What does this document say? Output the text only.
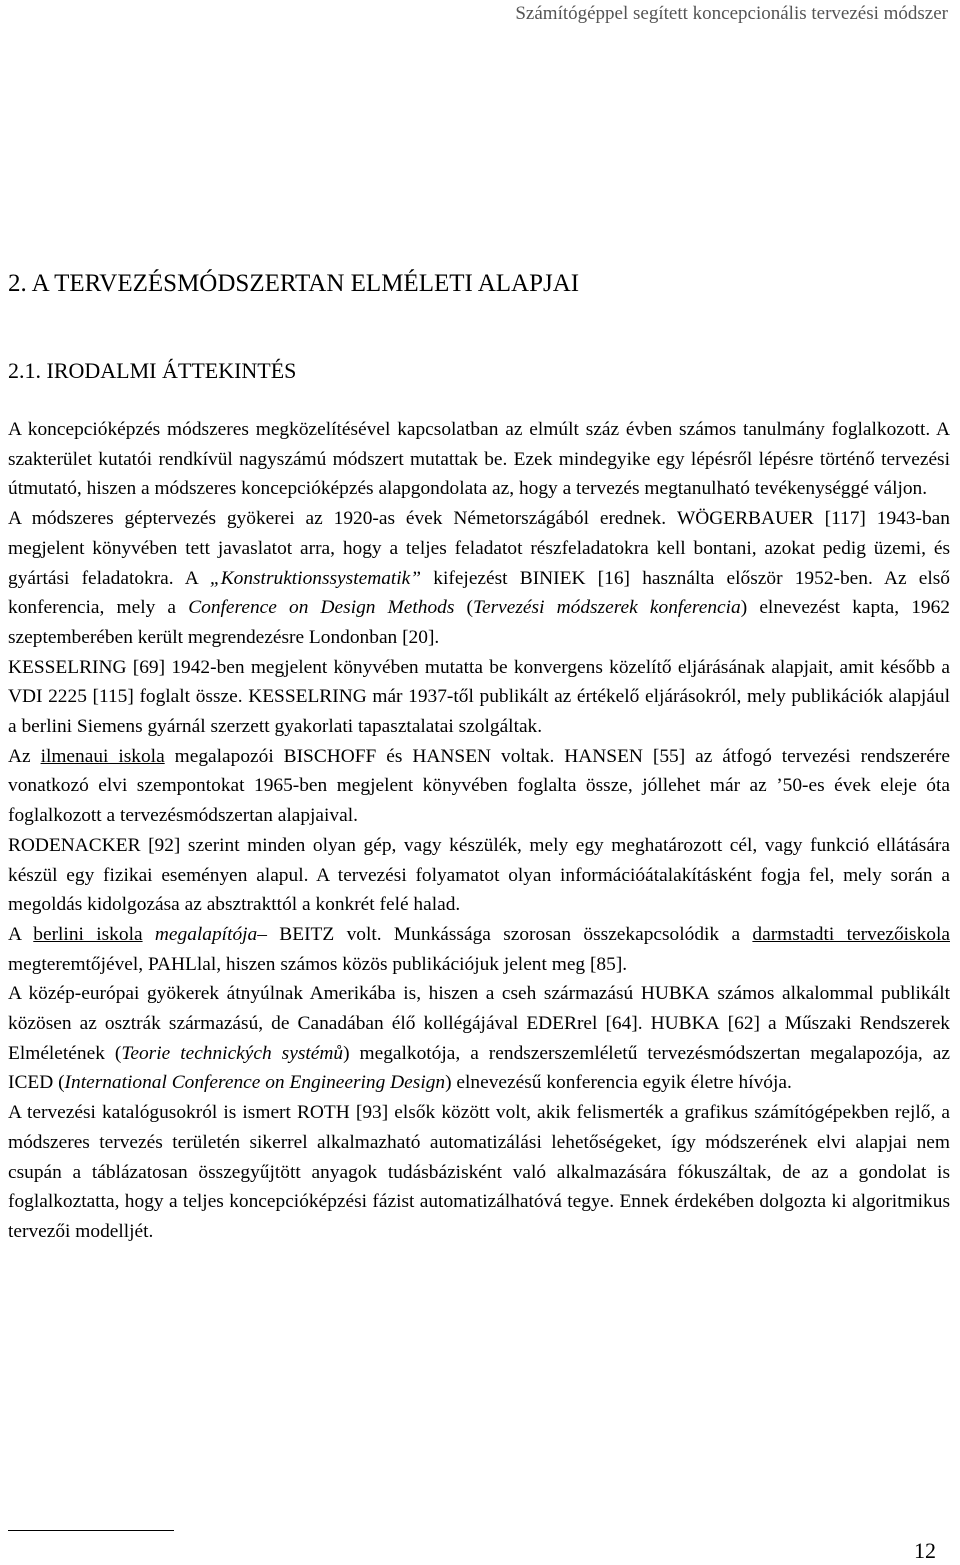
Számítógéppel segített koncepcionális tervezési módszer
2. A TERVEZÉSMÓDSZERTAN ELMÉLETI ALAPJAI
2.1. IRODALMI ÁTTEKINTÉS

A koncepcióképzés módszeres megközelítésével kapcsolatban az elmúlt száz évben számos tanulmány foglalkozott. A szakterület kutatói rendkívül nagyszámú módszert mutattak be. Ezek mindegyike egy lépésről lépésre történő tervezési útmutató, hiszen a módszeres koncepcióképzés alapgondolata az, hogy a tervezés megtanulható tevékenységgé váljon.

A módszeres géptervezés gyökerei az 1920-as évek Németországából erednek. WÖGERBAUER [117] 1943-ban megjelent könyvében tett javaslatot arra, hogy a teljes feladatot részfeladatokra kell bontani, azokat pedig üzemi, és gyártási feladatokra. A „Konstruktionssystematik” kifejezést BINIEK [16] használta először 1952-ben. Az első konferencia, mely a Conference on Design Methods (Tervezési módszerek konferencia) elnevezést kapta, 1962 szeptemberében került megrendezésre Londonban [20].

KESSELRING [69] 1942-ben megjelent könyvében mutatta be konvergens közelítő eljárásának alapjait, amit később a VDI 2225 [115] foglalt össze. KESSELRING már 1937-től publikált az értékelő eljárásokról, mely publikációk alapjául a berlini Siemens gyárnál szerzett gyakorlati tapasztalatai szolgáltak.

Az ilmenaui iskola megalapozói BISCHOFF és HANSEN voltak. HANSEN [55] az átfogó tervezési rendszerére vonatkozó elvi szempontokat 1965-ben megjelent könyvében foglalta össze, jóllehet már az ’50-es évek eleje óta foglalkozott a tervezésmódszertan alapjaival.

RODENACKER [92] szerint minden olyan gép, vagy készülék, mely egy meghatározott cél, vagy funkció ellátására készül egy fizikai eseményen alapul. A tervezési folyamatot olyan információátalakításként fogja fel, mely során a megoldás kidolgozása az absztrakttól a konkrét felé halad.

A berlini iskola megalapítója– BEITZ volt. Munkássága szorosan összekapcsolódik a darmstadti tervezőiskola megteremtőjével, PAHLlal, hiszen számos közös publikációjuk jelent meg [85].

A közép-európai gyökerek átnyúlnak Amerikába is, hiszen a cseh származású HUBKA számos alkalommal publikált közösen az osztrák származású, de Canadában élő kollégájával EDERrel [64]. HUBKA [62] a Műszaki Rendszerek Elméletének (Teorie technických systémů) megalkotója, a rendszerszemléletű tervezésmódszertan megalapozója, az ICED (International Conference on Engineering Design) elnevezésű konferencia egyik életre hívója.

A tervezési katalógusokról is ismert ROTH [93] elsők között volt, akik felismerték a grafikus számítógépekben rejlő, a módszeres tervezés területén sikerrel alkalmazható automatizálási lehetőségeket, így módszerének elvi alapjai nem csupán a táblázatosan összegyűjtött anyagok tudásbázisként való alkalmazására fókuszáltak, de az a gondolat is foglalkoztatta, hogy a teljes koncepcióképzési fázist automatizálhatóvá tegye. Ennek érdekében dolgozta ki algoritmikus tervezői modelljét.

12
